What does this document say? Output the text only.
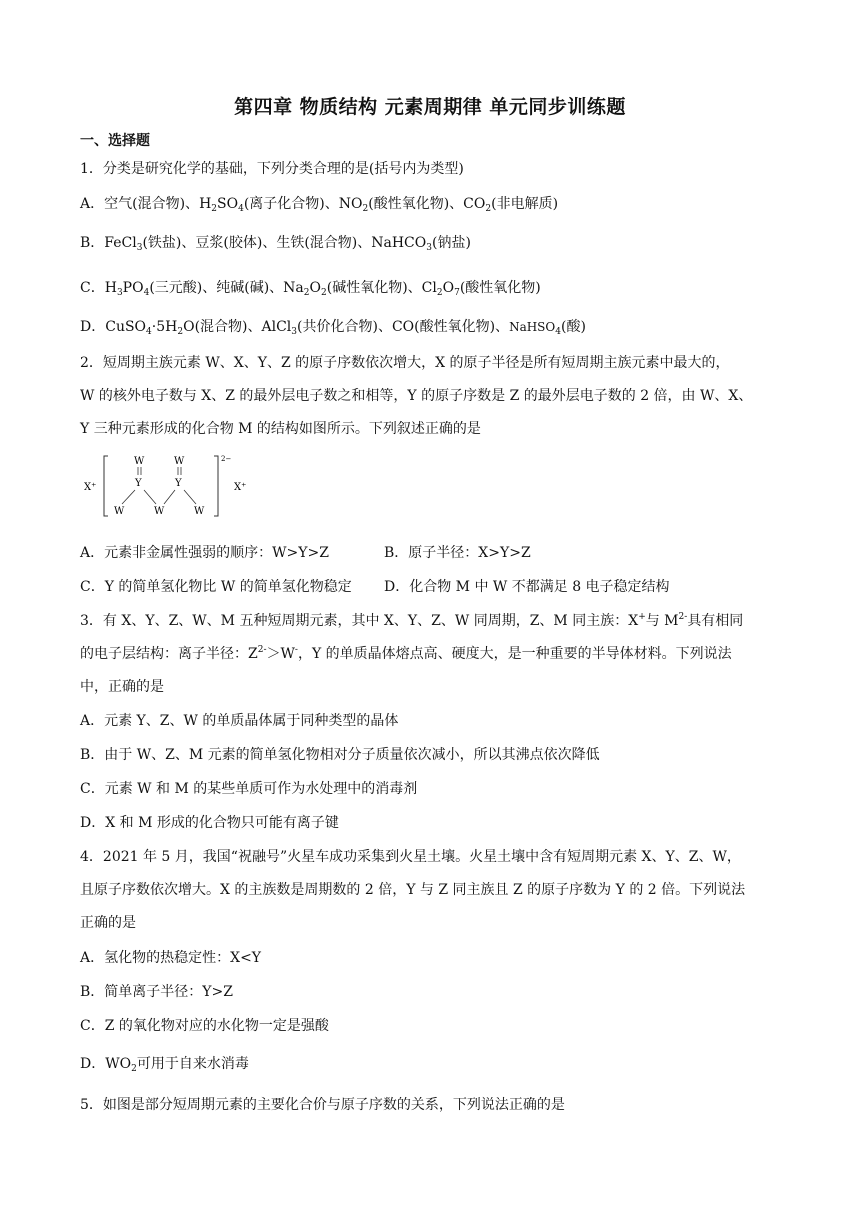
第四章 物质结构 元素周期律 单元同步训练题
一、选择题
1．分类是研究化学的基础，下列分类合理的是(括号内为类型)
A．空气(混合物)、$H_2SO_4$(离子化合物)、$NO_2$(酸性氧化物)、$CO_2$(非电解质)
B．FeCl$_3$(铁盐)、豆浆(胶体)、生铁(混合物)、NaHCO$_3$(钠盐)
C．$H_3PO_4$(三元酸)、纯碱(碱)、$Na_2O_2$(碱性氧化物)、$Cl_2O_7$(酸性氧化物)
D．$CuSO_4\cdot 5H_2O$(混合物)、AlCl$_3$(共价化合物)、CO(酸性氧化物)、NaHSO$_4$(酸)
2．短周期主族元素 W、X、Y、Z 的原子序数依次增大，X 的原子半径是所有短周期主族元素中最大的，
W 的核外电子数与 X、Z 的最外层电子数之和相等，Y 的原子序数是 Z 的最外层电子数的 2 倍，由 W、X、
Y 三种元素形成的化合物 M 的结构如图所示。下列叙述正确的是
X⁺	X⁺
2−
W	W
Y	Y
W	W	W
A．元素非金属性强弱的顺序：W>Y>Z	B．原子半径：X>Y>Z
C．Y 的简单氢化物比 W 的简单氢化物稳定 D．化合物 M 中 W 不都满足 8 电子稳定结构
3．有 X、Y、Z、W、M 五种短周期元素，其中 X、Y、Z、W 同周期，Z、M 同主族：X+与 $M^{2-}$具有相同
的电子层结构：离子半径：$Z^{2-}>W^-$，Y 的单质晶体熔点高、硬度大，是一种重要的半导体材料。下列说法
中，正确的是
A．元素 Y、Z、W 的单质晶体属于同种类型的晶体
B．由于 W、Z、M 元素的简单氢化物相对分子质量依次减小，所以其沸点依次降低
C．元素 W 和 M 的某些单质可作为水处理中的消毒剂
D．X 和 M 形成的化合物只可能有离子键
4．2021 年 5 月，我国“祝融号”火星车成功采集到火星土壤。火星土壤中含有短周期元素 X、Y、Z、W，
且原子序数依次增大。X 的主族数是周期数的 2 倍，Y 与 Z 同主族且 Z 的原子序数为 Y 的 2 倍。下列说法
正确的是
A．氢化物的热稳定性：X<Y
B．简单离子半径：Y>Z
C．Z 的氧化物对应的水化物一定是强酸
D．$WO_2$可用于自来水消毒
5．如图是部分短周期元素的主要化合价与原子序数的关系，下列说法正确的是
